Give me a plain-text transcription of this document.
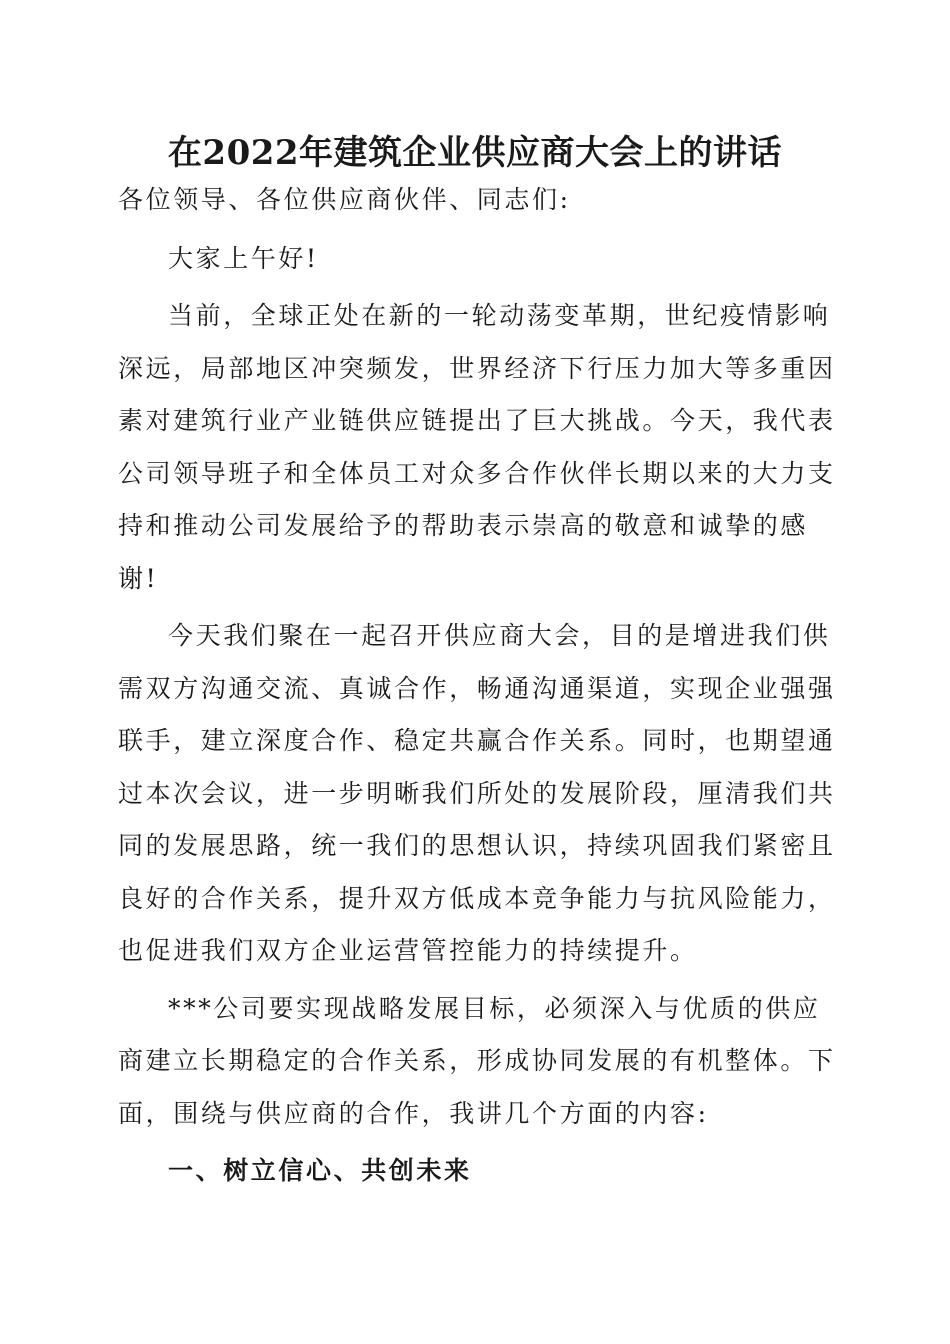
在2022年建筑企业供应商大会上的讲话

各位领导、各位供应商伙伴、同志们:

大家上午好!

当前，全球正处在新的一轮动荡变革期，世纪疫情影响深远，局部地区冲突频发，世界经济下行压力加大等多重因素对建筑行业产业链供应链提出了巨大挑战。今天，我代表公司领导班子和全体员工对众多合作伙伴长期以来的大力支持和推动公司发展给予的帮助表示崇高的敬意和诚挚的感谢!

今天我们聚在一起召开供应商大会，目的是增进我们供需双方沟通交流、真诚合作，畅通沟通渠道，实现企业强强联手，建立深度合作、稳定共赢合作关系。同时，也期望通过本次会议，进一步明晰我们所处的发展阶段，厘清我们共同的发展思路，统一我们的思想认识，持续巩固我们紧密且良好的合作关系，提升双方低成本竞争能力与抗风险能力，也促进我们双方企业运营管控能力的持续提升。

***公司要实现战略发展目标，必须深入与优质的供应商建立长期稳定的合作关系，形成协同发展的有机整体。下面，围绕与供应商的合作，我讲几个方面的内容:

一、树立信心、共创未来
